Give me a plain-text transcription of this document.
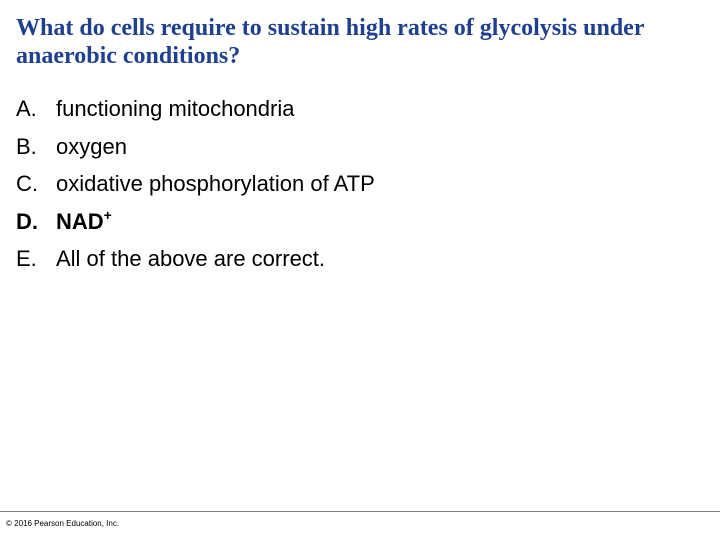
What do cells require to sustain high rates of glycolysis under anaerobic conditions?
A. functioning mitochondria
B. oxygen
C. oxidative phosphorylation of ATP
D. NAD+
E. All of the above are correct.
© 2016 Pearson Education, Inc.
